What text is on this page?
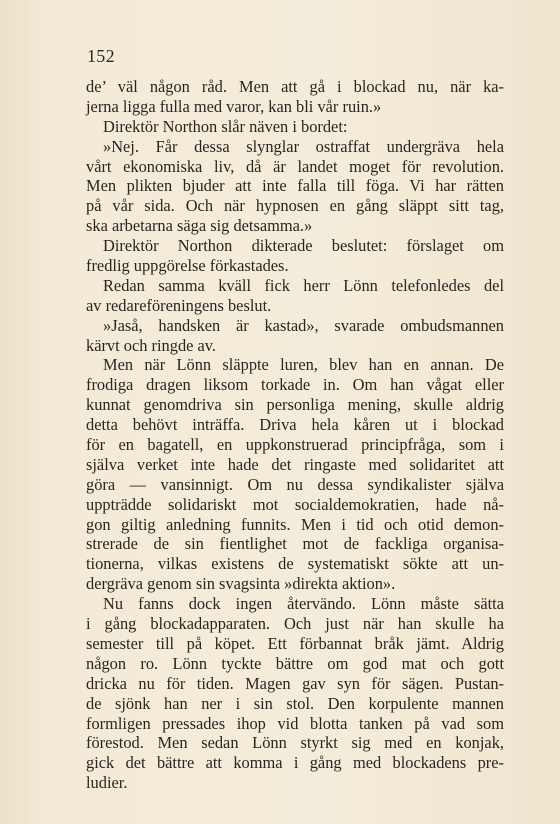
152
de’ väl någon råd. Men att gå i blockad nu, när ka-
jerna ligga fulla med varor, kan bli vår ruin.»
Direktör Northon slår näven i bordet:
»Nej. Får dessa slynglar ostraffat undergräva hela
vårt ekonomiska liv, då är landet moget för revolution.
Men plikten bjuder att inte falla till föga. Vi har rätten
på vår sida. Och när hypnosen en gång släppt sitt tag,
ska arbetarna säga sig detsamma.»
Direktör Northon dikterade beslutet: förslaget om
fredlig uppgörelse förkastades.
Redan samma kväll fick herr Lönn telefonledes del
av redareföreningens beslut.
»Jaså, handsken är kastad», svarade ombudsmannen
kärvt och ringde av.
Men när Lönn släppte luren, blev han en annan. De
frodiga dragen liksom torkade in. Om han vågat eller
kunnat genomdriva sin personliga mening, skulle aldrig
detta behövt inträffa. Driva hela kåren ut i blockad
för en bagatell, en uppkonstruerad principfråga, som i
själva verket inte hade det ringaste med solidaritet att
göra — vansinnigt. Om nu dessa syndikalister själva
uppträdde solidariskt mot socialdemokratien, hade nå-
gon giltig anledning funnits. Men i tid och otid demon-
strerade de sin fientlighet mot de fackliga organisa-
tionerna, vilkas existens de systematiskt sökte att un-
dergräva genom sin svagsinta »direkta aktion».
Nu fanns dock ingen återvändo. Lönn måste sätta
i gång blockadapparaten. Och just när han skulle ha
semester till på köpet. Ett förbannat bråk jämt. Aldrig
någon ro. Lönn tyckte bättre om god mat och gott
dricka nu för tiden. Magen gav syn för sägen. Pustan-
de sjönk han ner i sin stol. Den korpulente mannen
formligen pressades ihop vid blotta tanken på vad som
förestod. Men sedan Lönn styrkt sig med en konjak,
gick det bättre att komma i gång med blockadens pre-
ludier.
